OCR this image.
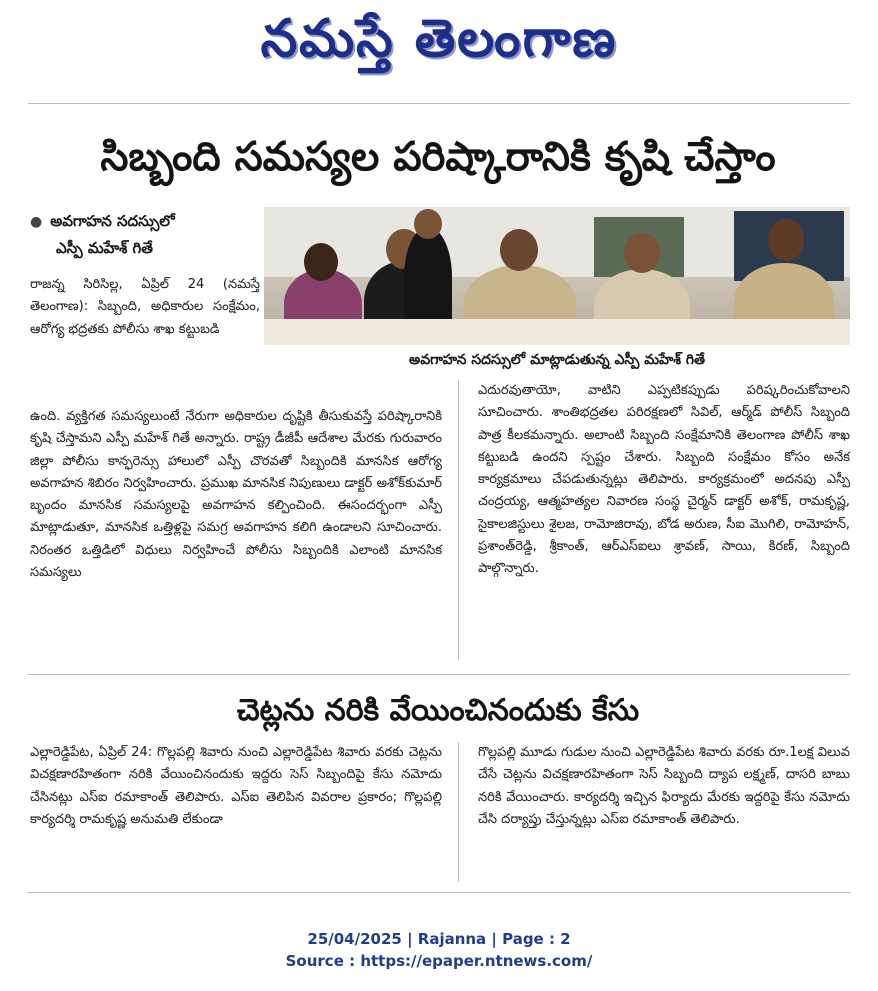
నమస్తే తెలంగాణ
సిబ్బంది సమస్యల పరిష్కారానికి కృషి చేస్తాం
● అవగాహన సదస్సులో
ఎస్పీ మహేశ్ గితే
అవగాహన సదస్సులో మాట్లాడుతున్న ఎస్పీ మహేశ్ గితే
రాజన్న సిరిసిల్ల, ఏప్రిల్ 24 (నమస్తే తెలంగాణ): సిబ్బంది, అధికారుల సంక్షేమం, ఆరోగ్య భద్రతకు పోలీసు శాఖ కట్టుబడి
ఉంది. వ్యక్తిగత సమస్యలుంటే నేరుగా అధికారుల దృష్టికి తీసుకువస్తే పరిష్కారానికి కృషి చేస్తామని ఎస్పీ మహేశ్ గితే అన్నారు. రాష్ట్ర డీజీపీ ఆదేశాల మేరకు గురువారం జిల్లా పోలీసు కాన్ఫరెన్సు హాలులో ఎస్పీ చొరవతో సిబ్బందికి మానసిక ఆరోగ్య అవగాహన శిబిరం నిర్వహించారు. ప్రముఖ మానసిక నిపుణులు డాక్టర్ అశోక్‌కుమార్ బృందం మానసిక సమస్యలపై అవగాహన కల్పించింది. ఈసందర్భంగా ఎస్పీ మాట్లాడుతూ, మానసిక ఒత్తిళ్లపై సమగ్ర అవగాహన కలిగి ఉండాలని సూచించారు. నిరంతర ఒత్తిడిలో విధులు నిర్వహించే పోలీసు సిబ్బందికి ఎలాంటి మానసిక సమస్యలు
ఎదురవుతాయో, వాటిని ఎప్పటికప్పుడు పరిష్కరించుకోవాలని సూచించారు. శాంతిభద్రతల పరిరక్షణలో సివిల్, ఆర్మ్‌డ్ పోలీస్ సిబ్బంది పాత్ర కీలకమన్నారు. అలాంటి సిబ్బంది సంక్షేమానికి తెలంగాణ పోలీస్ శాఖ కట్టుబడి ఉందని స్పష్టం చేశారు. సిబ్బంది సంక్షేమం కోసం అనేక కార్యక్రమాలు చేపడుతున్నట్లు తెలిపారు. కార్యక్రమంలో అదనపు ఎస్పీ చంద్రయ్య, ఆత్మహత్యల నివారణ సంస్థ చైర్మన్ డాక్టర్ అశోక్, రామకృష్ణ, సైకాలజిస్టులు శైలజ, రామోజిరావు, బోడ అరుణ, సీఐ మొగిలి, రామోహన్, ప్రశాంత్‌రెడ్డి, శ్రీకాంత్, ఆర్ఎస్ఐలు శ్రావణ్, సాయి, కిరణ్, సిబ్బంది పాల్గొన్నారు.
చెట్లను నరికి వేయించినందుకు కేసు
ఎల్లారెడ్డిపేట, ఏప్రిల్ 24: గొల్లపల్లి శివారు నుంచి ఎల్లారెడ్డిపేట శివారు వరకు చెట్లను విచక్షణారహితంగా నరికి వేయించినందుకు ఇద్దరు సెస్ సిబ్బందిపై కేసు నమోదు చేసినట్లు ఎస్ఐ రమాకాంత్ తెలిపారు. ఎస్ఐ తెలిపిన వివరాల ప్రకారం; గొల్లపల్లి కార్యదర్శి రామకృష్ణ అనుమతి లేకుండా
గొల్లపల్లి మూడు గుడుల నుంచి ఎల్లారెడ్డిపేట శివారు వరకు రూ.1లక్ష విలువ చేసే చెట్లను విచక్షణారహితంగా సెస్ సిబ్బంది ద్యాప లక్ష్మణ్, దాసరి బాబు నరికి వేయించారు. కార్యదర్శి ఇచ్చిన ఫిర్యాదు మేరకు ఇద్దరిపై కేసు నమోదు చేసి దర్యాప్తు చేస్తున్నట్లు ఎస్ఐ రమాకాంత్ తెలిపారు.
25/04/2025 | Rajanna | Page : 2
Source : https://epaper.ntnews.com/
